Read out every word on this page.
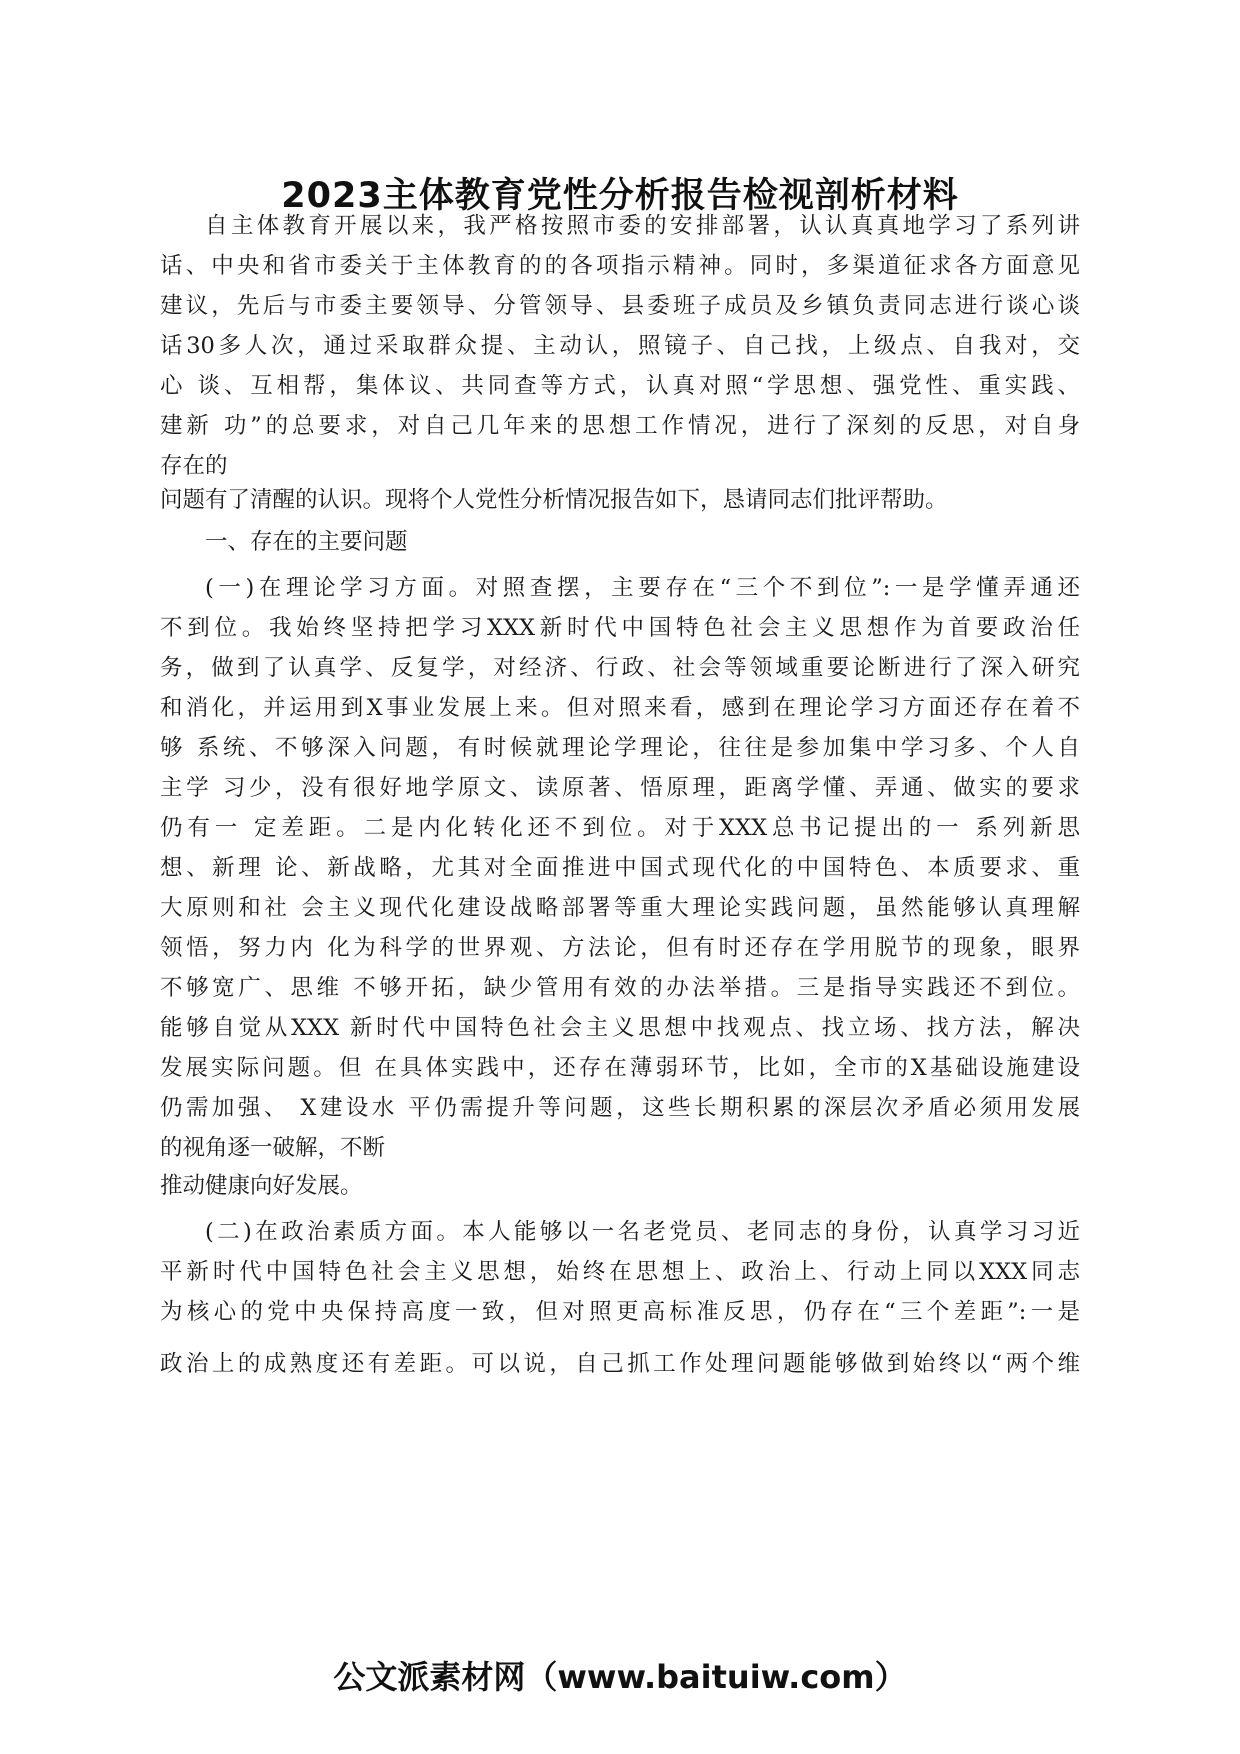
2023主体教育党性分析报告检视剖析材料
自主体教育开展以来，我严格按照市委的安排部署，认认真真地学习了系列讲
话、中央和省市委关于主体教育的的各项指示精神。同时，多渠道征求各方面意见
建议，先后与市委主要领导、分管领导、县委班子成员及乡镇负责同志进行谈心谈
话30多人次，通过采取群众提、主动认，照镜子、自己找，上级点、自我对，交
心 谈、互相帮，集体议、共同查等方式，认真对照“学思想、强党性、重实践、
建新 功”的总要求，对自己几年来的思想工作情况，进行了深刻的反思，对自身
存在的
问题有了清醒的认识。现将个人党性分析情况报告如下，恳请同志们批评帮助。
一、存在的主要问题
(一)在理论学习方面。对照查摆，主要存在“三个不到位”:一是学懂弄通还
不到位。我始终坚持把学习XXX新时代中国特色社会主义思想作为首要政治任
务，做到了认真学、反复学，对经济、行政、社会等领域重要论断进行了深入研究
和消化，并运用到X事业发展上来。但对照来看，感到在理论学习方面还存在着不
够 系统、不够深入问题，有时候就理论学理论，往往是参加集中学习多、个人自
主学 习少，没有很好地学原文、读原著、悟原理，距离学懂、弄通、做实的要求
仍有一 定差距。二是内化转化还不到位。对于XXX总书记提出的一 系列新思
想、新理 论、新战略，尤其对全面推进中国式现代化的中国特色、本质要求、重
大原则和社 会主义现代化建设战略部署等重大理论实践问题，虽然能够认真理解
领悟，努力内 化为科学的世界观、方法论，但有时还存在学用脱节的现象，眼界
不够宽广、思维 不够开拓，缺少管用有效的办法举措。三是指导实践还不到位。
能够自觉从XXX 新时代中国特色社会主义思想中找观点、找立场、找方法，解决
发展实际问题。但 在具体实践中，还存在薄弱环节，比如，全市的X基础设施建设
仍需加强、 X建设水 平仍需提升等问题，这些长期积累的深层次矛盾必须用发展
的视角逐一破解，不断
推动健康向好发展。
(二)在政治素质方面。本人能够以一名老党员、老同志的身份，认真学习习近
平新时代中国特色社会主义思想，始终在思想上、政治上、行动上同以XXX同志
为核心的党中央保持高度一致，但对照更高标准反思，仍存在“三个差距”:一是
政治上的成熟度还有差距。可以说，自己抓工作处理问题能够做到始终以“两个维
公文派素材网（www.baituiw.com）
